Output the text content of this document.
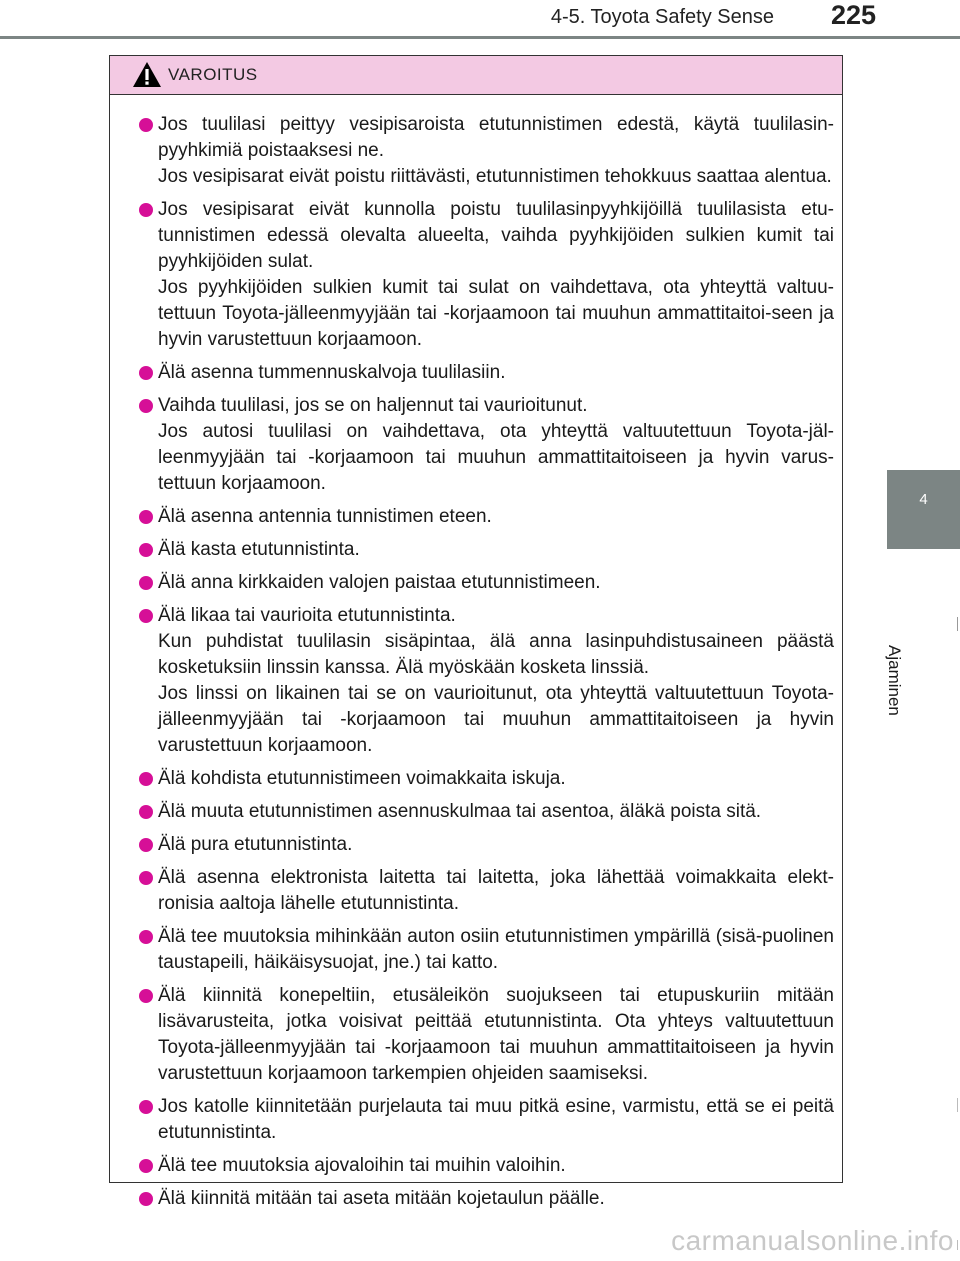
4-5. Toyota Safety Sense 225
4
Ajaminen
VAROITUS

Jos tuulilasi peittyy vesipisaroista etutunnistimen edestä, käytä tuulilasin-pyyhkimiä poistaaksesi ne.

Jos vesipisarat eivät poistu riittävästi, etutunnistimen tehokkuus saattaa alentua.

Jos vesipisarat eivät kunnolla poistu tuulilasinpyyhkijöillä tuulilasista etu-tunnistimen edessä olevalta alueelta, vaihda pyyhkijöiden sulkien kumit tai pyyhkijöiden sulat.

Jos pyyhkijöiden sulkien kumit tai sulat on vaihdettava, ota yhteyttä valtuu-tettuun Toyota-jälleenmyyjään tai -korjaamoon tai muuhun ammattitaitoi-seen ja hyvin varustettuun korjaamoon.

Älä asenna tummennuskalvoja tuulilasiin.

Vaihda tuulilasi, jos se on haljennut tai vaurioitunut.

Jos autosi tuulilasi on vaihdettava, ota yhteyttä valtuutettuun Toyota-jäl-leenmyyjään tai -korjaamoon tai muuhun ammattitaitoiseen ja hyvin varus-tettuun korjaamoon.

Älä asenna antennia tunnistimen eteen.

Älä kasta etutunnistinta.

Älä anna kirkkaiden valojen paistaa etutunnistimeen.

Älä likaa tai vaurioita etutunnistinta.

Kun puhdistat tuulilasin sisäpintaa, älä anna lasinpuhdistusaineen päästä kosketuksiin linssin kanssa. Älä myöskään kosketa linssiä.

Jos linssi on likainen tai se on vaurioitunut, ota yhteyttä valtuutettuun Toyota-jälleenmyyjään tai -korjaamoon tai muuhun ammattitaitoiseen ja hyvin varustettuun korjaamoon.

Älä kohdista etutunnistimeen voimakkaita iskuja.

Älä muuta etutunnistimen asennuskulmaa tai asentoa, äläkä poista sitä.

Älä pura etutunnistinta.

Älä asenna elektronista laitetta tai laitetta, joka lähettää voimakkaita elekt-ronisia aaltoja lähelle etutunnistinta.

Älä tee muutoksia mihinkään auton osiin etutunnistimen ympärillä (sisä-puolinen taustapeili, häikäisysuojat, jne.) tai katto.

Älä kiinnitä konepeltiin, etusäleikön suojukseen tai etupuskuriin mitään lisävarusteita, jotka voisivat peittää etutunnistinta. Ota yhteys valtuutettuun Toyota-jälleenmyyjään tai -korjaamoon tai muuhun ammattitaitoiseen ja hyvin varustettuun korjaamoon tarkempien ohjeiden saamiseksi.

Jos katolle kiinnitetään purjelauta tai muu pitkä esine, varmistu, että se ei peitä etutunnistinta.

Älä tee muutoksia ajovaloihin tai muihin valoihin.

Älä kiinnitä mitään tai aseta mitään kojetaulun päälle.

carmanualsonline.info
